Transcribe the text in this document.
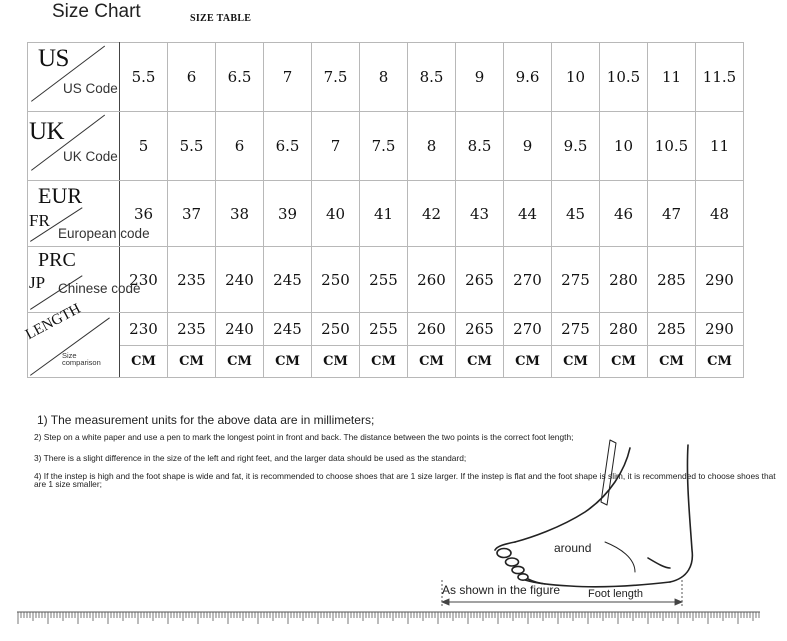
Size Chart	SIZE TABLE
US
US Code	5.5	6	6.5	7	7.5	8	8.5	9	9.6	10	10.5	11	11.5

UK
UK Code	5	5.5	6	6.5	7	7.5	8	8.5	9	9.5	10	10.5	11

EUR
FR
European code	36	37	38	39	40	41	42	43	44	45	46	47	48

PRC
JP Chinese code	230	235	240	245	250	255	260	265	270	275	280	285	290

LENGTH
Size
comparison	230	235	240	245	250	255	260	265	270	275	280	285	290
	CM	CM	CM	CM	CM	CM	CM	CM	CM	CM	CM	CM	CM
1) The measurement units for the above data are in millimeters;
2) Step on a white paper and use a pen to mark the longest point in front and back. The distance between the two points is the correct foot length;
3) There is a slight difference in the size of the left and right feet, and the larger data should be used as the standard;
4) If the instep is high and the foot shape is wide and fat, it is recommended to choose shoes that are 1 size larger. If the instep is flat and the foot shape is slim, it is recommended to choose shoes that are 1 size smaller;
around
As shown in the figure	Foot length
